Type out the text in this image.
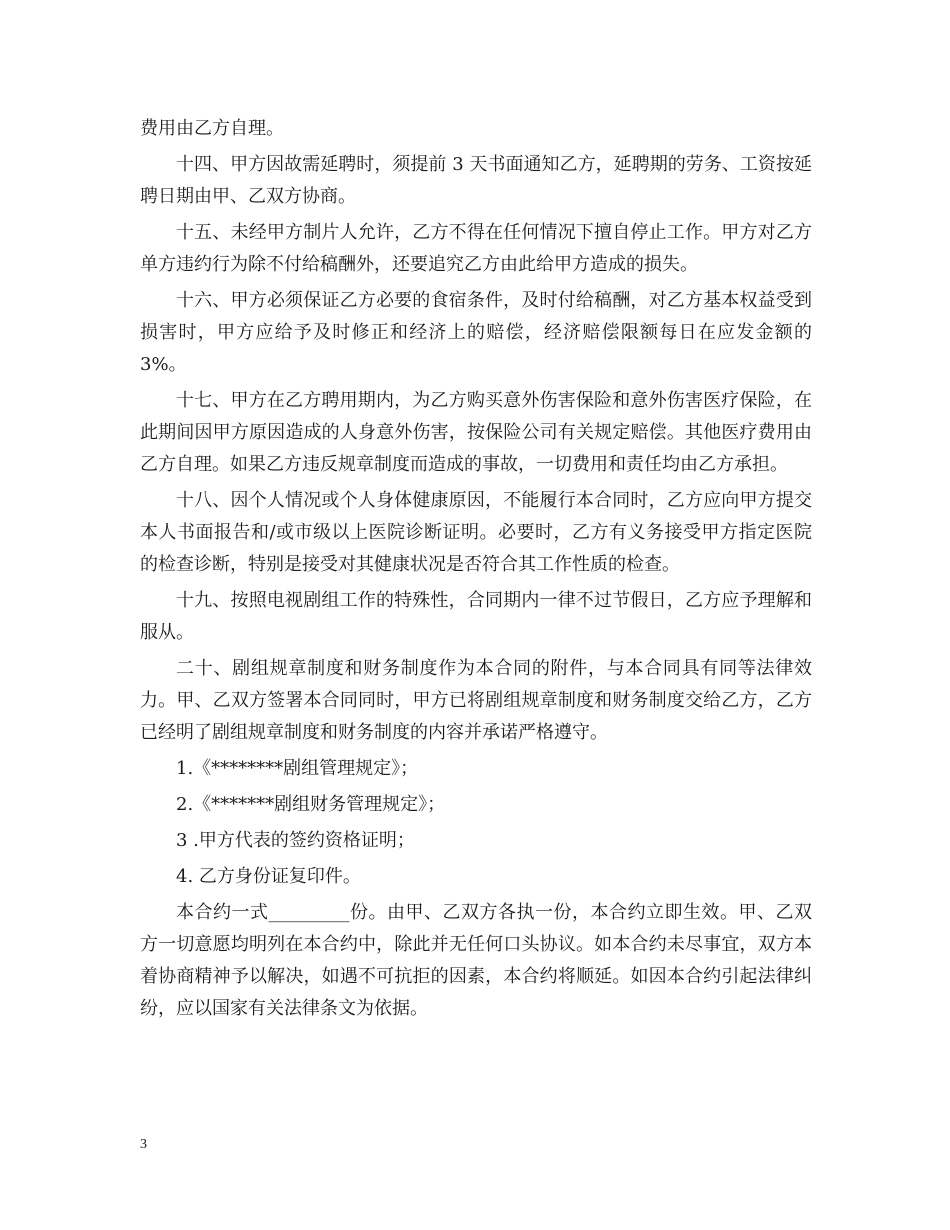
费用由乙方自理。

十四、甲方因故需延聘时，须提前 3 天书面通知乙方，延聘期的劳务、工资按延聘日期由甲、乙双方协商。

十五、未经甲方制片人允许，乙方不得在任何情况下擅自停止工作。甲方对乙方单方违约行为除不付给稿酬外，还要追究乙方由此给甲方造成的损失。

十六、甲方必须保证乙方必要的食宿条件，及时付给稿酬，对乙方基本权益受到损害时，甲方应给予及时修正和经济上的赔偿，经济赔偿限额每日在应发金额的 3%。

十七、甲方在乙方聘用期内，为乙方购买意外伤害保险和意外伤害医疗保险，在此期间因甲方原因造成的人身意外伤害，按保险公司有关规定赔偿。其他医疗费用由乙方自理。如果乙方违反规章制度而造成的事故，一切费用和责任均由乙方承担。

十八、因个人情况或个人身体健康原因，不能履行本合同时，乙方应向甲方提交本人书面报告和/或市级以上医院诊断证明。必要时，乙方有义务接受甲方指定医院的检查诊断，特别是接受对其健康状况是否符合其工作性质的检查。

十九、按照电视剧组工作的特殊性，合同期内一律不过节假日，乙方应予理解和服从。

二十、剧组规章制度和财务制度作为本合同的附件，与本合同具有同等法律效力。甲、乙双方签署本合同同时，甲方已将剧组规章制度和财务制度交给乙方，乙方已经明了剧组规章制度和财务制度的内容并承诺严格遵守。

1.《********剧组管理规定》；

2.《*******剧组财务管理规定》；

3 .甲方代表的签约资格证明；

4. 乙方身份证复印件。

本合约一式_________份。由甲、乙双方各执一份，本合约立即生效。甲、乙双方一切意愿均明列在本合约中，除此并无任何口头协议。如本合约未尽事宜，双方本着协商精神予以解决，如遇不可抗拒的因素，本合约将顺延。如因本合约引起法律纠纷，应以国家有关法律条文为依据。

3
